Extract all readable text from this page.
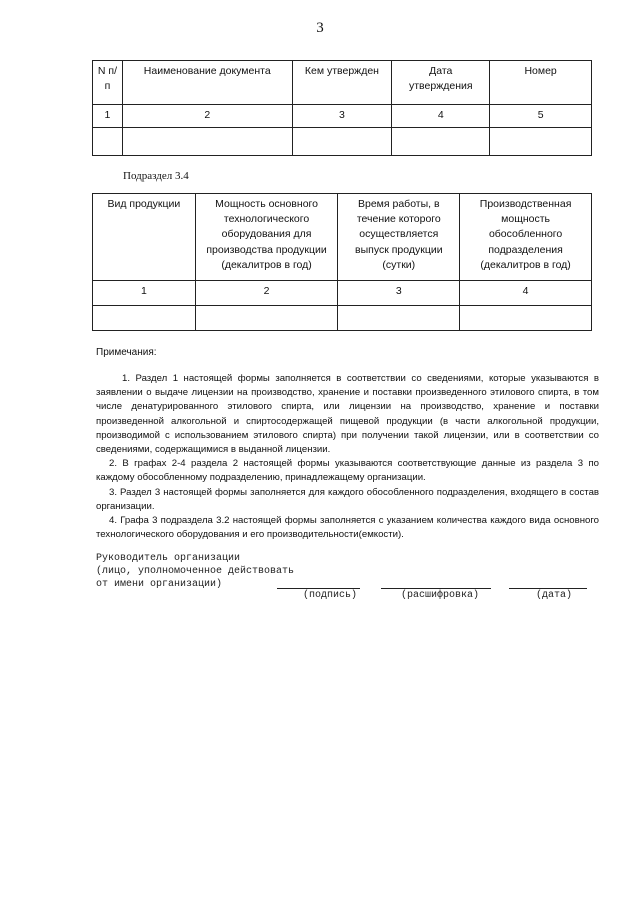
3
N п/п	Наименование документа	Кем утвержден	Дата утверждения	Номер
1	2	3	4	5

Подраздел 3.4
Вид продукции	Мощность основного технологического оборудования для производства продукции (декалитров в год)	Время работы, в течение которого осуществляется выпуск продукции (сутки)	Производственная мощность обособленного подразделения (декалитров в год)
1	2	3	4

Примечания:

1. Раздел 1 настоящей формы заполняется в соответствии со сведениями, которые указываются в заявлении о выдаче лицензии на производство, хранение и поставки произведенного этилового спирта, в том числе денатурированного этилового спирта, или лицензии на производство, хранение и поставки произведенной алкогольной и спиртосодержащей пищевой продукции (в части алкогольной продукции, производимой с использованием этилового спирта) при получении такой лицензии, или в соответствии со сведениями, содержащимися в выданной лицензии.

2. В графах 2-4 раздела 2 настоящей формы указываются соответствующие данные из раздела 3 по каждому обособленному подразделению, принадлежащему организации.

3. Раздел 3 настоящей формы заполняется для каждого обособленного подразделения, входящего в состав организации.

4. Графа 3 подраздела 3.2 настоящей формы заполняется с указанием количества каждого вида основного технологического оборудования и его производительности(емкости).

Руководитель организации
(лицо, уполномоченное действовать
от имени организации)
(подпись)	(расшифровка)	(дата)
